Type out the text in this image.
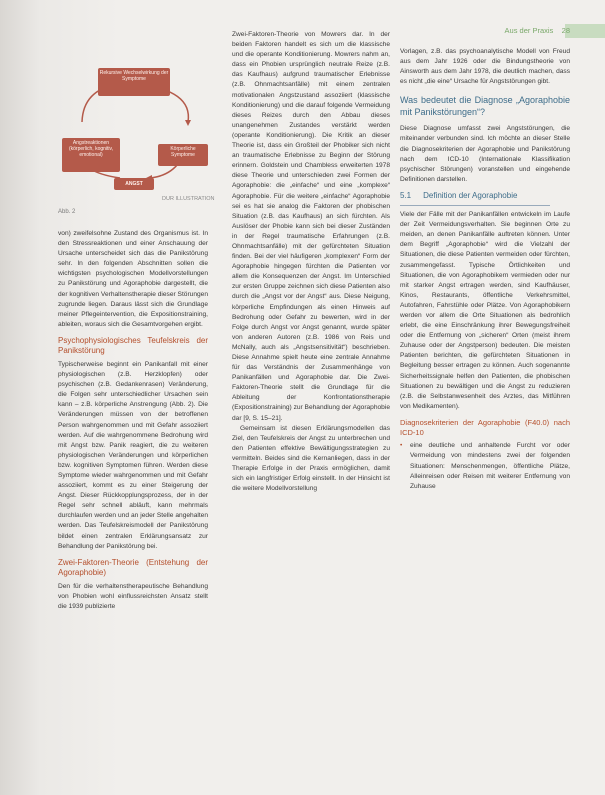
Aus der Praxis 28
Rekursive Wechselwirkung der Symptome
Angstreaktionen (körperlich, kognitiv, emotional)
Körperliche Symptome
ANGST
DUR ILLUSTRATION
Abb. 2

von) zweifelsohne Zustand des Organismus ist. In den Stressreaktionen und einer Anschauung der Ursache unterscheidet sich das die Panikstörung sehr. In den folgenden Abschnitten sollen die wichtigsten psychologischen Modellvorstellungen zu Panikstörung und Agoraphobie dargestellt, die der kognitiven Verhaltenstherapie dieser Störungen zugrunde liegen. Daraus lässt sich die Grundlage meiner Pflegeintervention, die Expositionstraining, ableiten, woraus sich die Gesamtvorgehen ergibt.

Psychophysiologisches Teufelskreis der Panikstörung

Typischerweise beginnt ein Panikanfall mit einer physiologischen (z.B. Herzklopfen) oder psychischen (z.B. Gedankenrasen) Veränderung, die Folgen sehr unterschiedlicher Ursachen sein kann – z.B. körperliche Anstrengung (Abb. 2). Die Veränderungen müssen von der betroffenen Person wahrgenommen und mit Gefahr assoziiert werden. Auf die wahrgenommene Bedrohung wird mit Angst bzw. Panik reagiert, die zu weiteren physiologischen Veränderungen und körperlichen bzw. kognitiven Symptomen führen. Werden diese Symptome wieder wahrgenommen und mit Gefahr assoziiert, kommt es zu einer Steigerung der Angst. Dieser Rückkopplungsprozess, der in der Regel sehr schnell abläuft, kann mehrmals durchlaufen werden und an jeder Stelle angehalten werden. Das Teufelskreismodell der Panikstörung bildet einen zentralen Erklärungsansatz zur Behandlung der Panikstörung bei.

Zwei-Faktoren-Theorie (Entstehung der Agoraphobie)

Den für die verhaltenstherapeutische Behandlung von Phobien wohl einflussreichsten Ansatz stellt die 1939 publizierte

Zwei-Faktoren-Theorie von Mowrers dar. In der beiden Faktoren handelt es sich um die klassische und die operante Konditionierung. Mowrers nahm an, dass ein Phobien ursprünglich neutrale Reize (z.B. das Kaufhaus) aufgrund traumatischer Erlebnisse (z.B. Ohnmachtsanfälle) mit einem zentralen motivationalen Angstzustand assoziiert (klassische Konditionierung) und die darauf folgende Vermeidung dieses Reizes durch den Abbau dieses unangenehmen Zustandes verstärkt werden (operante Konditionierung). Die Kritik an dieser Theorie ist, dass ein Großteil der Phobiker sich nicht an traumatische Erlebnisse zu Beginn der Störung erinnern. Goldstein und Chambless erweiterten 1978 diese Theorie und unterschieden zwei Formen der Agoraphobie: die „einfache“ und eine „komplexe“ Agoraphobie. Für die weitere „einfache“ Agoraphobie sei es hat sie analog die Faktoren der phobischen Situation (z.B. das Kaufhaus) an sich fürchten. Als Auslöser der Phobie kann sich bei dieser Zuständen in der Regel traumatische Erfahrungen (z.B. Ohnmachtsanfälle) mit der gefürchteten Situation finden. Bei der viel häufigeren „komplexen“ Form der Agoraphobie hingegen fürchten die Patienten vor allem die Konsequenzen der Angst. Im Unterschied zur ersten Gruppe zeichnen sich diese Patienten also durch die „Angst vor der Angst“ aus. Diese Neigung, körperliche Empfindungen als einen Hinweis auf Bedrohung oder Gefahr zu bewerten, wird in der Folge durch Angst vor Angst genannt, wurde später von anderen Autoren (z.B. 1986 von Reis und McNally, auch als „Angstsensitivität“) beschrieben. Diese Annahme spielt heute eine zentrale Annahme für das Verständnis der Zusammenhänge von Panikanfällen und Agoraphobie dar. Die Zwei-Faktoren-Theorie stellt die Grundlage für die Ableitung der Konfrontationstherapie (Expositionstraining) zur Behandlung der Agoraphobie dar [9, S. 15–21].

Gemeinsam ist diesen Erklärungsmodellen das Ziel, den Teufelskreis der Angst zu unterbrechen und den Patienten effektive Bewältigungsstrategien zu vermitteln. Beides sind die Kernanliegen, dass in der Therapie Erfolge in der Praxis ermöglichen, damit sich ein langfristiger Erfolg einstellt. In der Hinsicht ist die weitere Modellvorstellung

Vorlagen, z.B. das psychoanalytische Modell von Freud aus dem Jahr 1926 oder die Bindungstheorie von Ainsworth aus dem Jahr 1978, die deutlich machen, dass es nicht „die eine“ Ursache für Angststörungen gibt.

Was bedeutet die Diagnose „Agoraphobie mit Panikstörungen“?

Diese Diagnose umfasst zwei Angststörungen, die miteinander verbunden sind. Ich möchte an dieser Stelle die Diagnosekriterien der Agoraphobie und Panikstörung nach dem ICD-10 (Internationale Klassifikation psychischer Störungen) voranstellen und eingehende Definitionen darstellen.

5.1 Definition der Agoraphobie

Viele der Fälle mit der Panikanfällen entwickeln im Laufe der Zeit Vermeidungsverhalten. Sie beginnen Orte zu meiden, an denen Panikanfälle auftreten können. Unter dem Begriff „Agoraphobie“ wird die Vielzahl der Situationen, die diese Patienten vermeiden oder fürchten, zusammengefasst. Typische Örtlichkeiten und Situationen, die von Agoraphobikern vermieden oder nur mit starker Angst ertragen werden, sind Kaufhäuser, Kinos, Restaurants, öffentliche Verkehrsmittel, Autofahren, Fahrstühle oder Plätze. Von Agoraphobikern werden vor allem die Orte Situationen als bedrohlich erlebt, die eine Einschränkung ihrer Bewegungsfreiheit oder die Entfernung von „sicheren“ Orten (meist ihrem Zuhause oder der Angstperson) bedeuten. Die meisten Patienten berichten, die gefürchteten Situationen in Begleitung besser ertragen zu können. Auch sogenannte Sicherheitssignale helfen den Patienten, die phobischen Situationen zu bewältigen und die Angst zu reduzieren (z.B. die Selbstanwesenheit des Arztes, das Mitführen von Medikamenten).

Diagnosekriterien der Agoraphobie (F40.0) nach ICD-10
•	eine deutliche und anhaltende Furcht vor oder Vermeidung von mindestens zwei der folgenden Situationen: Menschenmengen, öffentliche Plätze, Alleinreisen oder Reisen mit weiterer Entfernung von Zuhause
